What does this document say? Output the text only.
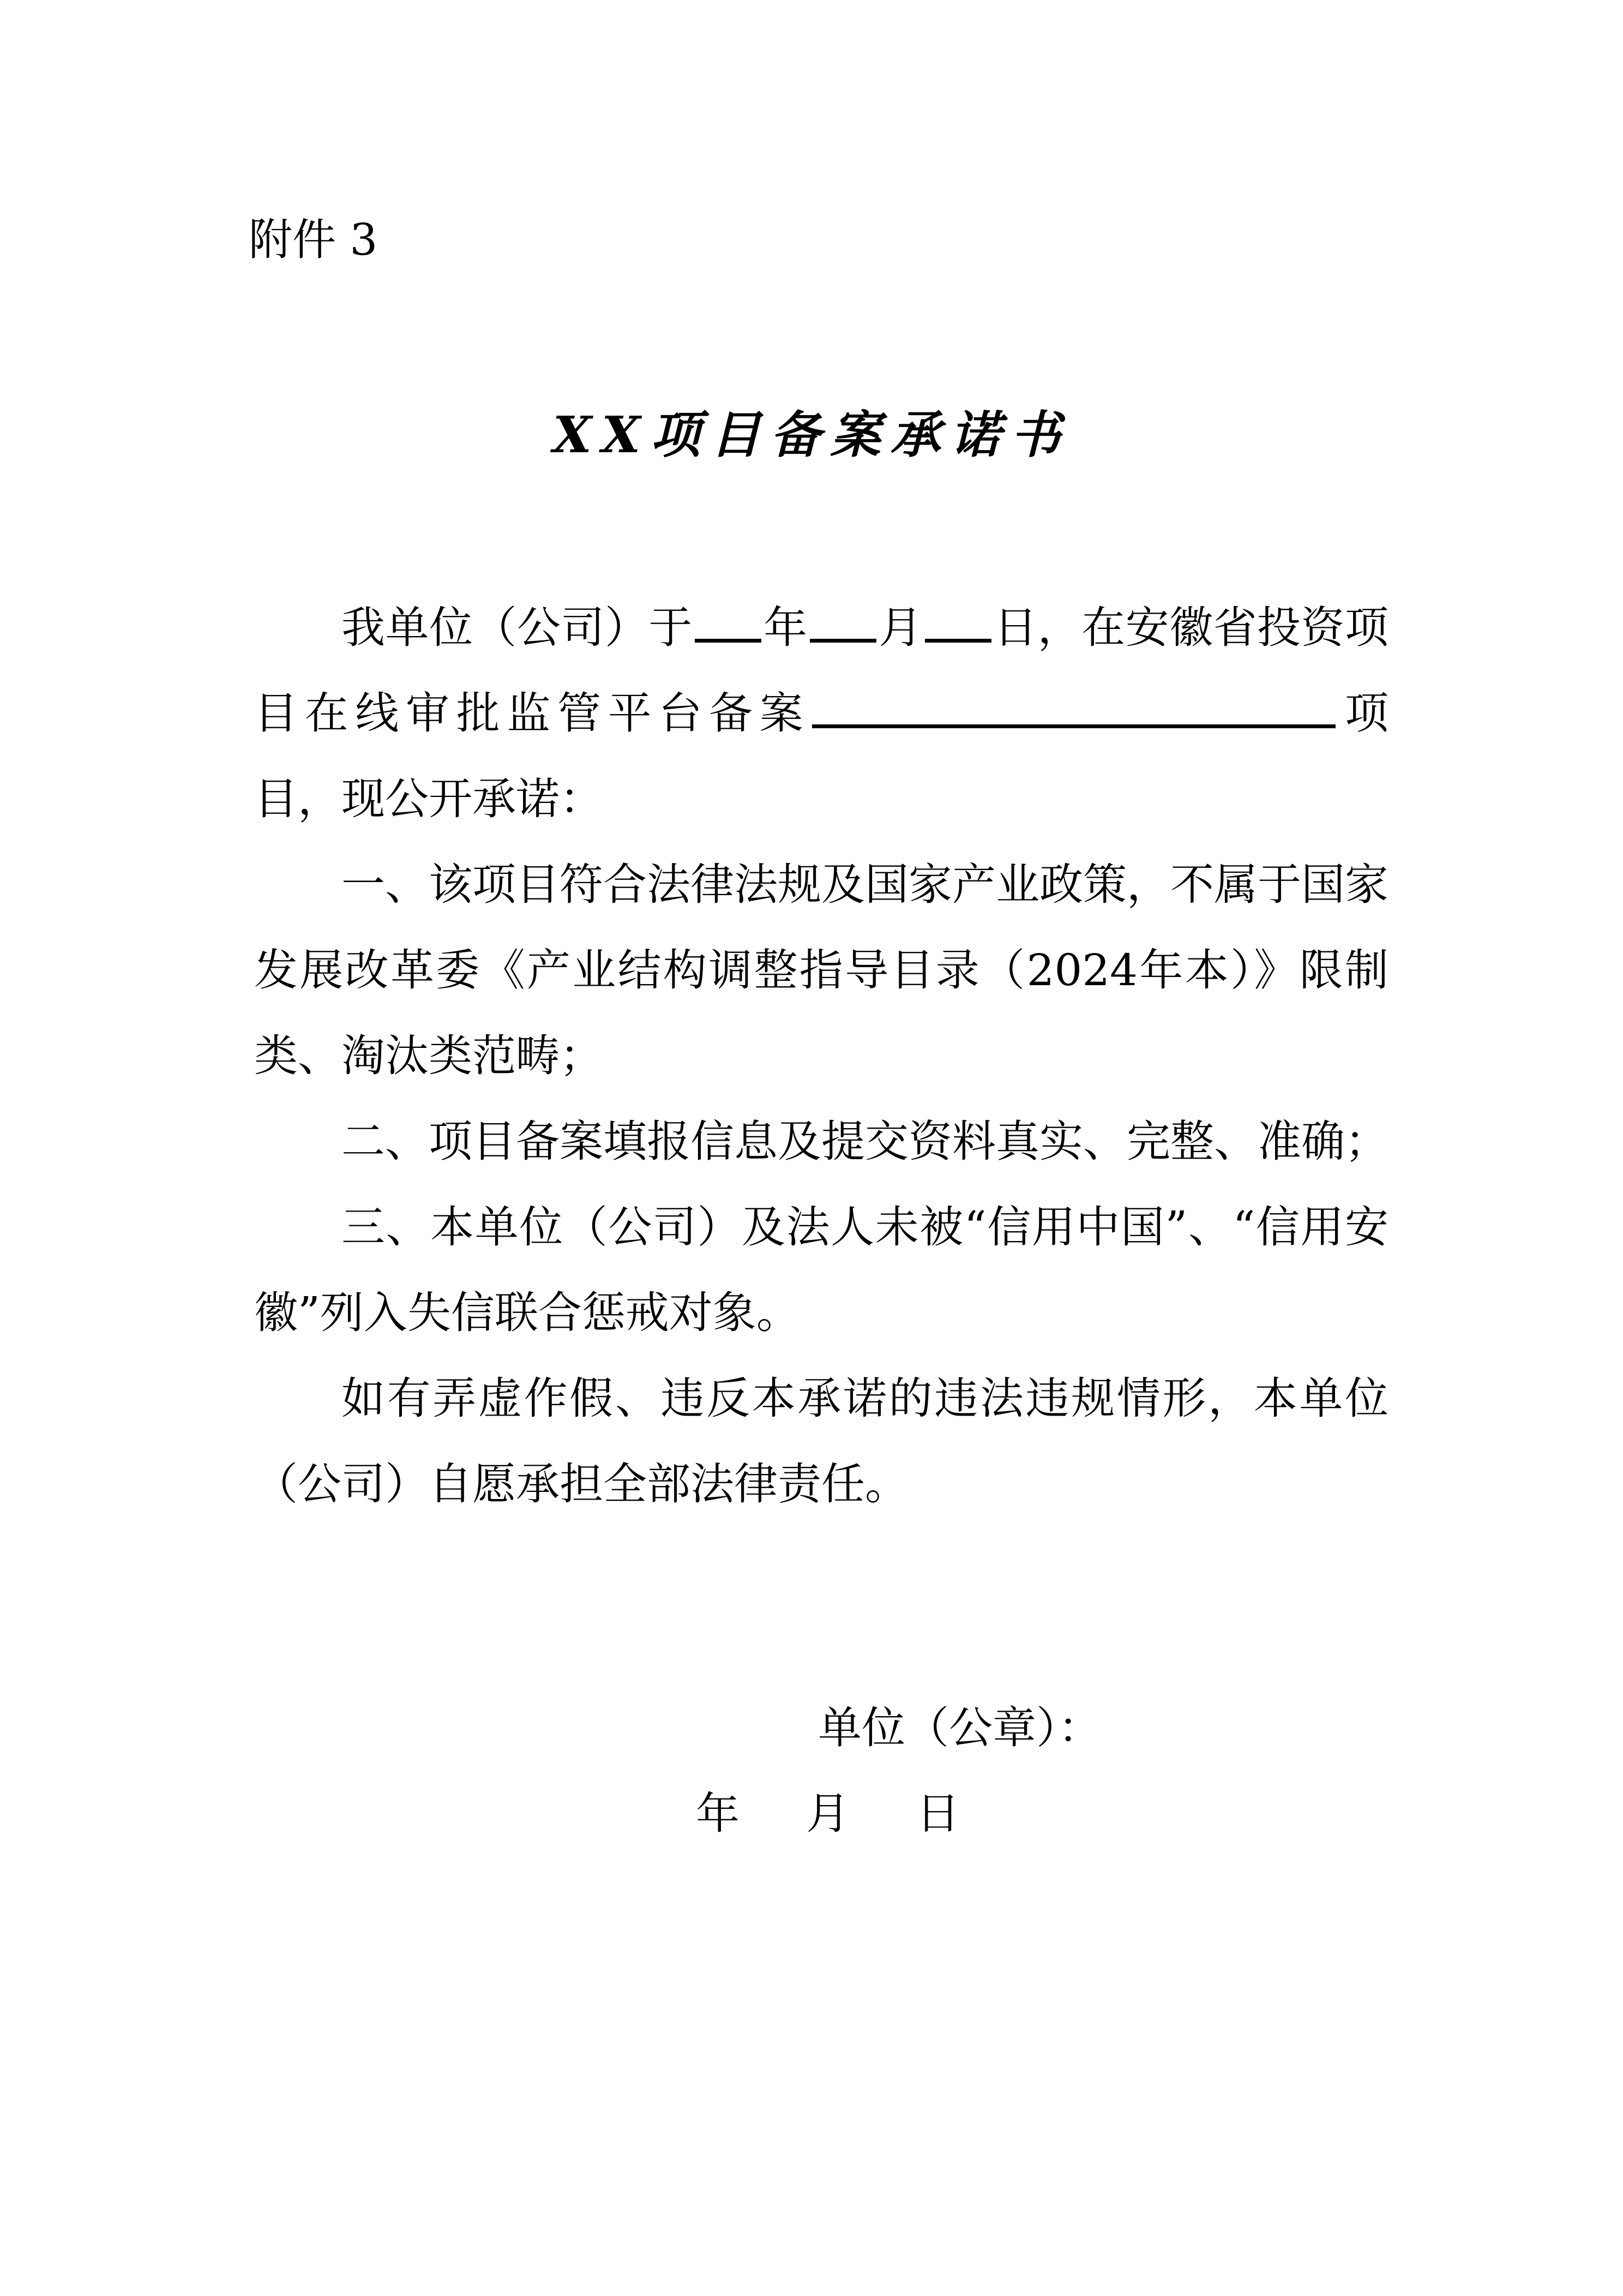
附件 3
XX项目备案承诺书

我单位（公司）于 年 月 日，在安徽省投资项目在线审批监管平台备案	项目，现公开承诺：

一、该项目符合法律法规及国家产业政策，不属于国家发展改革委《产业结构调整指导目录（2024年本）》限制类、淘汰类范畴；

二、项目备案填报信息及提交资料真实、完整、准确；

三、本单位（公司）及法人未被“信用中国”、“信用安徽”列入失信联合惩戒对象。

如有弄虚作假、违反本承诺的违法违规情形，本单位（公司）自愿承担全部法律责任。

单位（公章）：
年 月 日
